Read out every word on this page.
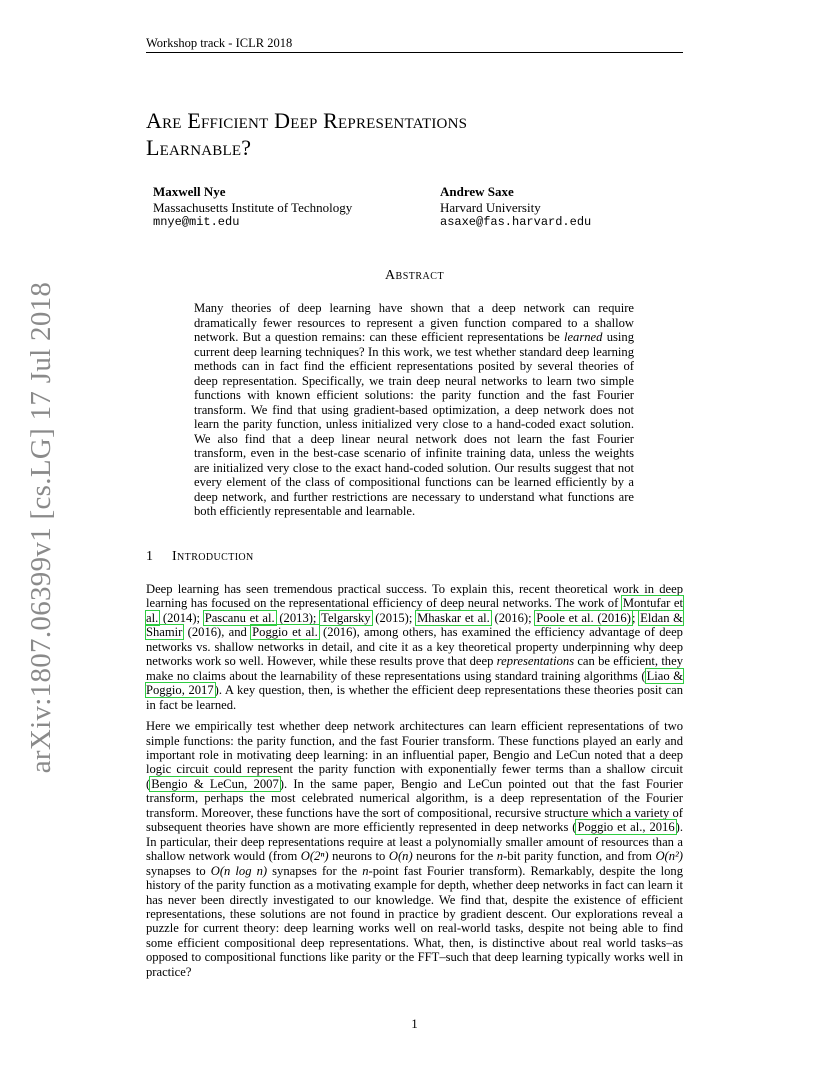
arXiv:1807.06399v1 [cs.LG] 17 Jul 2018
Workshop track - ICLR 2018
Are Efficient Deep Representations
Learnable?
Maxwell Nye
Massachusetts Institute of Technology
mnye@mit.edu
Andrew Saxe
Harvard University
asaxe@fas.harvard.edu
Abstract
Many theories of deep learning have shown that a deep network can require dramatically fewer resources to represent a given function compared to a shallow network. But a question remains: can these efficient representations be learned using current deep learning techniques? In this work, we test whether standard deep learning methods can in fact find the efficient representations posited by several theories of deep representation. Specifically, we train deep neural networks to learn two simple functions with known efficient solutions: the parity function and the fast Fourier transform. We find that using gradient-based optimization, a deep network does not learn the parity function, unless initialized very close to a hand-coded exact solution. We also find that a deep linear neural network does not learn the fast Fourier transform, even in the best-case scenario of infinite training data, unless the weights are initialized very close to the exact hand-coded solution. Our results suggest that not every element of the class of compositional functions can be learned efficiently by a deep network, and further restrictions are necessary to understand what functions are both efficiently representable and learnable.
1 Introduction

Deep learning has seen tremendous practical success. To explain this, recent theoretical work in deep learning has focused on the representational efficiency of deep neural networks. The work of Montufar et al. (2014); Pascanu et al. (2013); Telgarsky (2015); Mhaskar et al. (2016); Poole et al. (2016); Eldan & Shamir (2016), and Poggio et al. (2016), among others, has examined the efficiency advantage of deep networks vs. shallow networks in detail, and cite it as a key theoretical property underpinning why deep networks work so well. However, while these results prove that deep representations can be efficient, they make no claims about the learnability of these representations using standard training algorithms (Liao & Poggio, 2017). A key question, then, is whether the efficient deep representations these theories posit can in fact be learned.

Here we empirically test whether deep network architectures can learn efficient representations of two simple functions: the parity function, and the fast Fourier transform. These functions played an early and important role in motivating deep learning: in an influential paper, Bengio and LeCun noted that a deep logic circuit could represent the parity function with exponentially fewer terms than a shallow circuit (Bengio & LeCun, 2007). In the same paper, Bengio and LeCun pointed out that the fast Fourier transform, perhaps the most celebrated numerical algorithm, is a deep representation of the Fourier transform. Moreover, these functions have the sort of compositional, recursive structure which a variety of subsequent theories have shown are more efficiently represented in deep networks (Poggio et al., 2016). In particular, their deep representations require at least a polynomially smaller amount of resources than a shallow network would (from O(2ⁿ) neurons to O(n) neurons for the n-bit parity function, and from O(n²) synapses to O(n log n) synapses for the n-point fast Fourier transform). Remarkably, despite the long history of the parity function as a motivating example for depth, whether deep networks in fact can learn it has never been directly investigated to our knowledge. We find that, despite the existence of efficient representations, these solutions are not found in practice by gradient descent. Our explorations reveal a puzzle for current theory: deep learning works well on real-world tasks, despite not being able to find some efficient compositional deep representations. What, then, is distinctive about real world tasks–as opposed to compositional functions like parity or the FFT–such that deep learning typically works well in practice?

1
